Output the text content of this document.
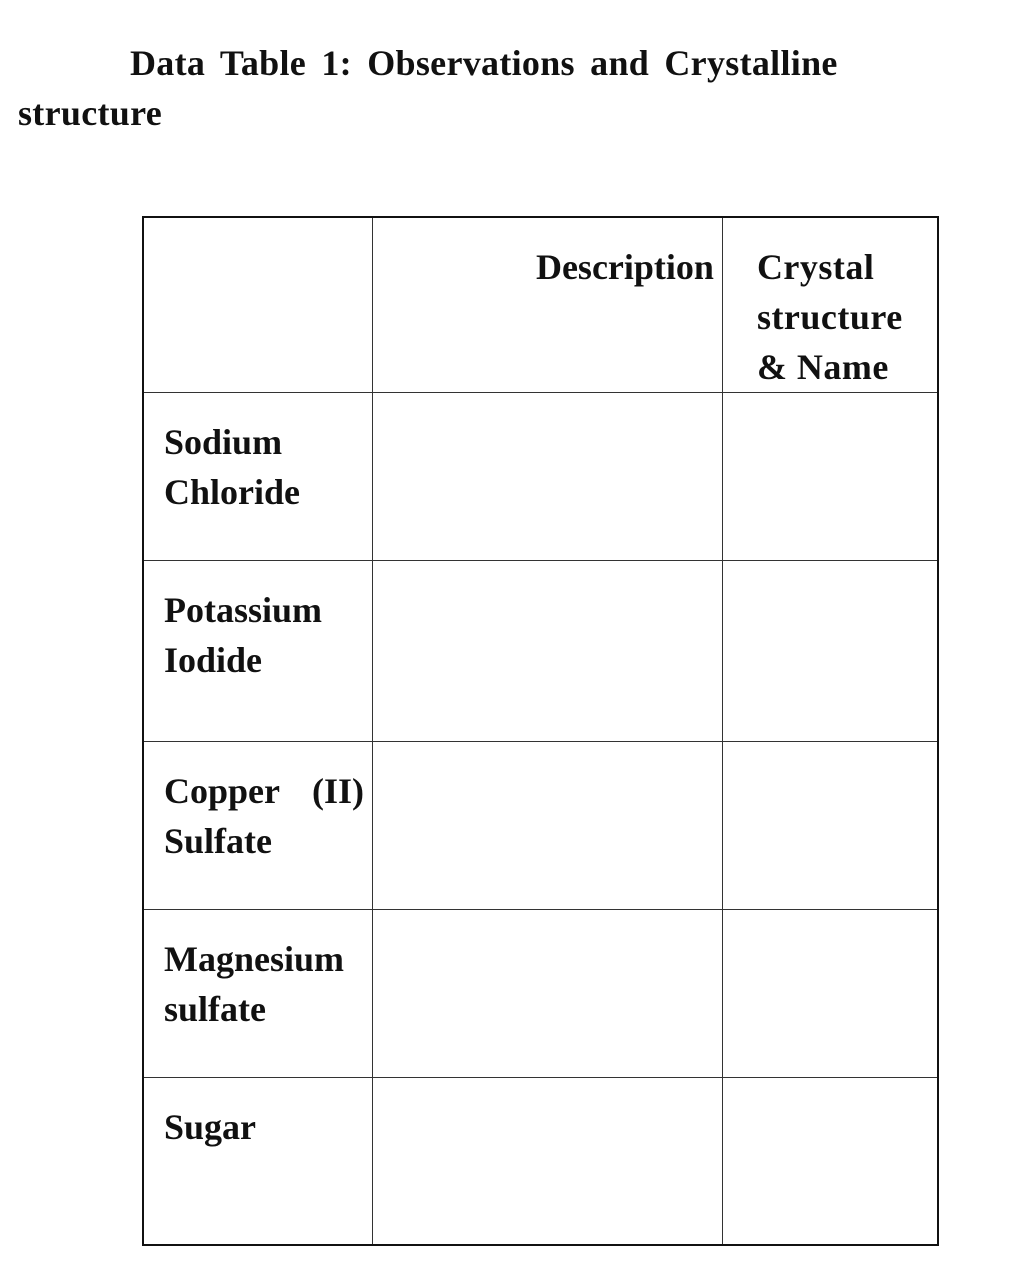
Data Table 1: Observations and Crystalline structure
	Description	Crystal structure & Name

Sodium Chloride		

Potassium Iodide		

Copper (II) Sulfate		

Magnesium sulfate		

Sugar		
